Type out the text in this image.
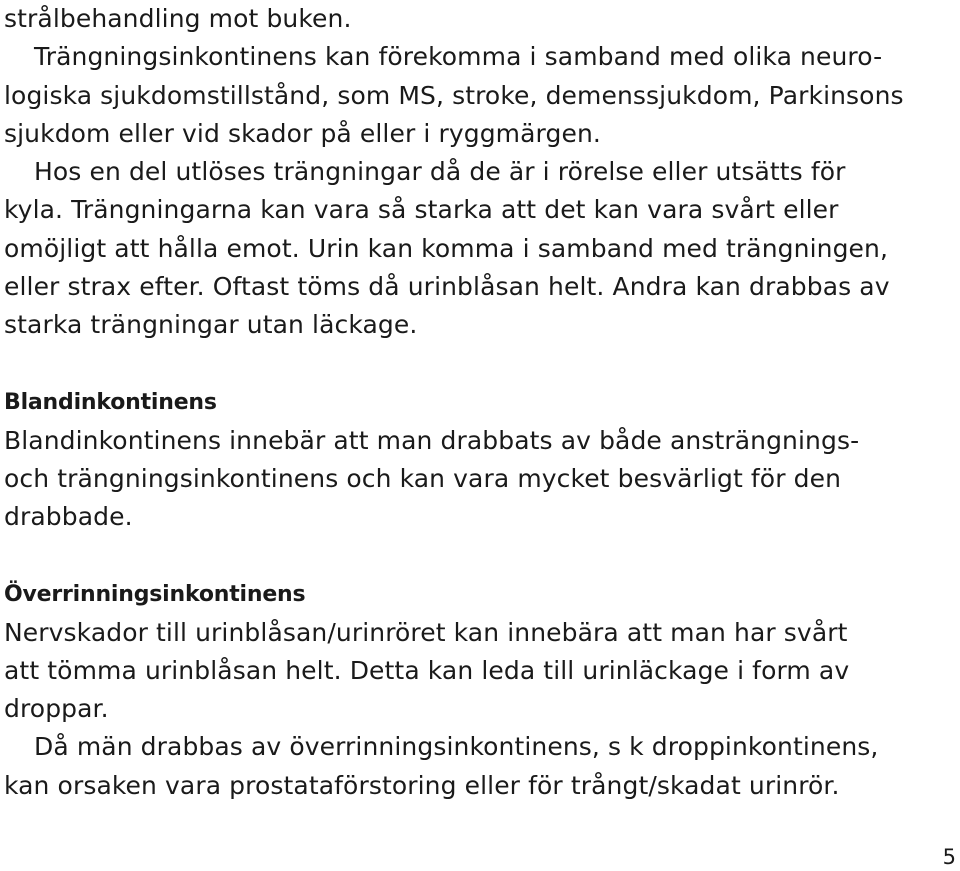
strålbehandling mot buken.
Trängningsinkontinens kan förekomma i samband med olika neuro-
logiska sjukdomstillstånd, som MS, stroke, demenssjukdom, Parkinsons
sjukdom eller vid skador på eller i ryggmärgen.
Hos en del utlöses trängningar då de är i rörelse eller utsätts för
kyla. Trängningarna kan vara så starka att det kan vara svårt eller
omöjligt att hålla emot. Urin kan komma i samband med trängningen,
eller strax efter. Oftast töms då urinblåsan helt. Andra kan drabbas av
starka trängningar utan läckage.
Blandinkontinens
Blandinkontinens innebär att man drabbats av både ansträngnings-
och trängningsinkontinens och kan vara mycket besvärligt för den
drabbade.
Överrinningsinkontinens
Nervskador till urinblåsan/urinröret kan innebära att man har svårt
att tömma urinblåsan helt. Detta kan leda till urinläckage i form av
droppar.
Då män drabbas av överrinningsinkontinens, s k droppinkontinens,
kan orsaken vara prostataförstoring eller för trångt/skadat urinrör.
5
